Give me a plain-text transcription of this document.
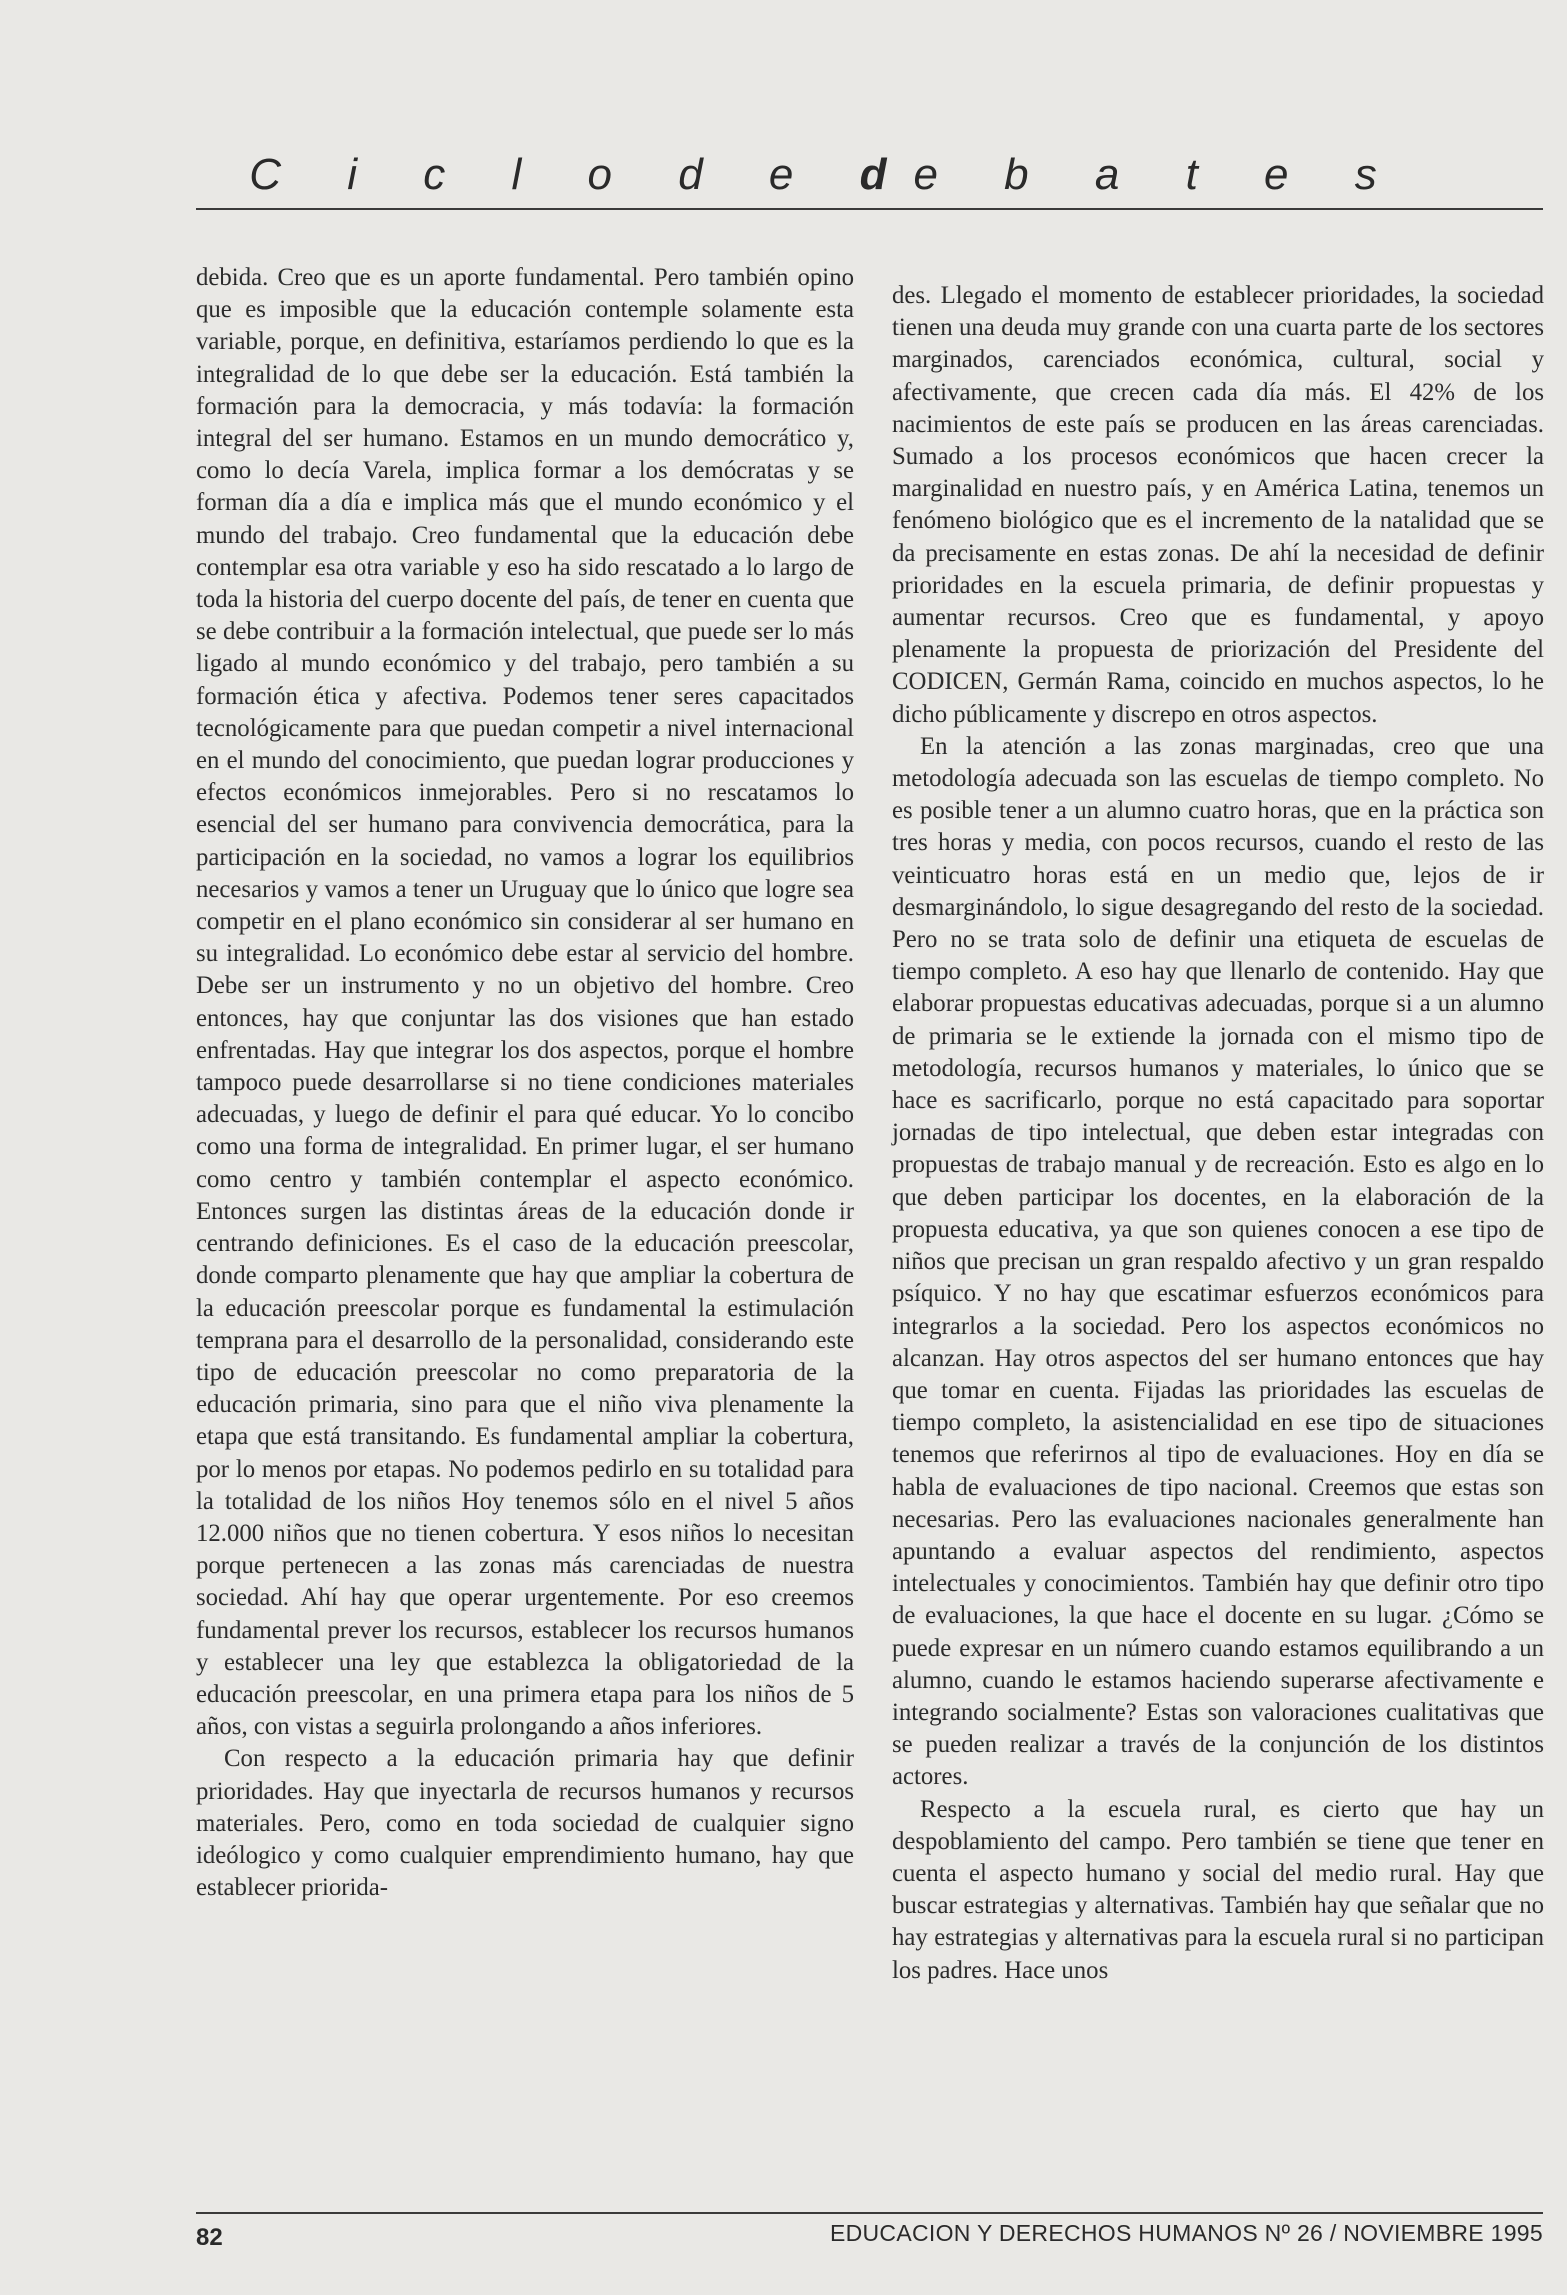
C i c l o d e de b a t e s

debida. Creo que es un aporte fundamental. Pero también opino que es imposible que la educación contemple solamente esta variable, porque, en definitiva, estaríamos perdiendo lo que es la integralidad de lo que debe ser la educación. Está también la formación para la democracia, y más todavía: la formación integral del ser humano. Estamos en un mundo democrático y, como lo decía Varela, implica formar a los demócratas y se forman día a día e implica más que el mundo económico y el mundo del trabajo. Creo fundamental que la educación debe contemplar esa otra variable y eso ha sido rescatado a lo largo de toda la historia del cuerpo docente del país, de tener en cuenta que se debe contribuir a la formación intelectual, que puede ser lo más ligado al mundo económico y del trabajo, pero también a su formación ética y afectiva. Podemos tener seres capacitados tecnológicamente para que puedan competir a nivel internacional en el mundo del conocimiento, que puedan lograr producciones y efectos económicos inmejorables. Pero si no rescatamos lo esencial del ser humano para convivencia democrática, para la participación en la sociedad, no vamos a lograr los equilibrios necesarios y vamos a tener un Uruguay que lo único que logre sea competir en el plano económico sin considerar al ser humano en su integralidad. Lo económico debe estar al servicio del hombre. Debe ser un instrumento y no un objetivo del hombre. Creo entonces, hay que conjuntar las dos visiones que han estado enfrentadas. Hay que integrar los dos aspectos, porque el hombre tampoco puede desarrollarse si no tiene condiciones materiales adecuadas, y luego de definir el para qué educar. Yo lo concibo como una forma de integralidad. En primer lugar, el ser humano como centro y también contemplar el aspecto económico. Entonces surgen las distintas áreas de la educación donde ir centrando definiciones. Es el caso de la educación preescolar, donde comparto plenamente que hay que ampliar la cobertura de la educación preescolar porque es fundamental la estimulación temprana para el desarrollo de la personalidad, considerando este tipo de educación preescolar no como preparatoria de la educación primaria, sino para que el niño viva plenamente la etapa que está transitando. Es fundamental ampliar la cobertura, por lo menos por etapas. No podemos pedirlo en su totalidad para la totalidad de los niños Hoy tenemos sólo en el nivel 5 años 12.000 niños que no tienen cobertura. Y esos niños lo necesitan porque pertenecen a las zonas más carenciadas de nuestra sociedad. Ahí hay que operar urgentemente. Por eso creemos fundamental prever los recursos, establecer los recursos humanos y establecer una ley que establezca la obligatoriedad de la educación preescolar, en una primera etapa para los niños de 5 años, con vistas a seguirla prolongando a años inferiores.

Con respecto a la educación primaria hay que definir prioridades. Hay que inyectarla de recursos humanos y recursos materiales. Pero, como en toda sociedad de cualquier signo ideólogico y como cualquier emprendimiento humano, hay que establecer priorida-

des. Llegado el momento de establecer prioridades, la sociedad tienen una deuda muy grande con una cuarta parte de los sectores marginados, carenciados económica, cultural, social y afectivamente, que crecen cada día más. El 42% de los nacimientos de este país se producen en las áreas carenciadas. Sumado a los procesos económicos que hacen crecer la marginalidad en nuestro país, y en América Latina, tenemos un fenómeno biológico que es el incremento de la natalidad que se da precisamente en estas zonas. De ahí la necesidad de definir prioridades en la escuela primaria, de definir propuestas y aumentar recursos. Creo que es fundamental, y apoyo plenamente la propuesta de priorización del Presidente del CODICEN, Germán Rama, coincido en muchos aspectos, lo he dicho públicamente y discrepo en otros aspectos.

En la atención a las zonas marginadas, creo que una metodología adecuada son las escuelas de tiempo completo. No es posible tener a un alumno cuatro horas, que en la práctica son tres horas y media, con pocos recursos, cuando el resto de las veinticuatro horas está en un medio que, lejos de ir desmarginándolo, lo sigue desagregando del resto de la sociedad. Pero no se trata solo de definir una etiqueta de escuelas de tiempo completo. A eso hay que llenarlo de contenido. Hay que elaborar propuestas educativas adecuadas, porque si a un alumno de primaria se le extiende la jornada con el mismo tipo de metodología, recursos humanos y materiales, lo único que se hace es sacrificarlo, porque no está capacitado para soportar jornadas de tipo intelectual, que deben estar integradas con propuestas de trabajo manual y de recreación. Esto es algo en lo que deben participar los docentes, en la elaboración de la propuesta educativa, ya que son quienes conocen a ese tipo de niños que precisan un gran respaldo afectivo y un gran respaldo psíquico. Y no hay que escatimar esfuerzos económicos para integrarlos a la sociedad. Pero los aspectos económicos no alcanzan. Hay otros aspectos del ser humano entonces que hay que tomar en cuenta. Fijadas las prioridades las escuelas de tiempo completo, la asistencialidad en ese tipo de situaciones tenemos que referirnos al tipo de evaluaciones. Hoy en día se habla de evaluaciones de tipo nacional. Creemos que estas son necesarias. Pero las evaluaciones nacionales generalmente han apuntando a evaluar aspectos del rendimiento, aspectos intelectuales y conocimientos. También hay que definir otro tipo de evaluaciones, la que hace el docente en su lugar. ¿Cómo se puede expresar en un número cuando estamos equilibrando a un alumno, cuando le estamos haciendo superarse afectivamente e integrando socialmente? Estas son valoraciones cualitativas que se pueden realizar a través de la conjunción de los distintos actores.

Respecto a la escuela rural, es cierto que hay un despoblamiento del campo. Pero también se tiene que tener en cuenta el aspecto humano y social del medio rural. Hay que buscar estrategias y alternativas. También hay que señalar que no hay estrategias y alternativas para la escuela rural si no participan los padres. Hace unos

82	EDUCACION Y DERECHOS HUMANOS Nº 26 / NOVIEMBRE 1995
